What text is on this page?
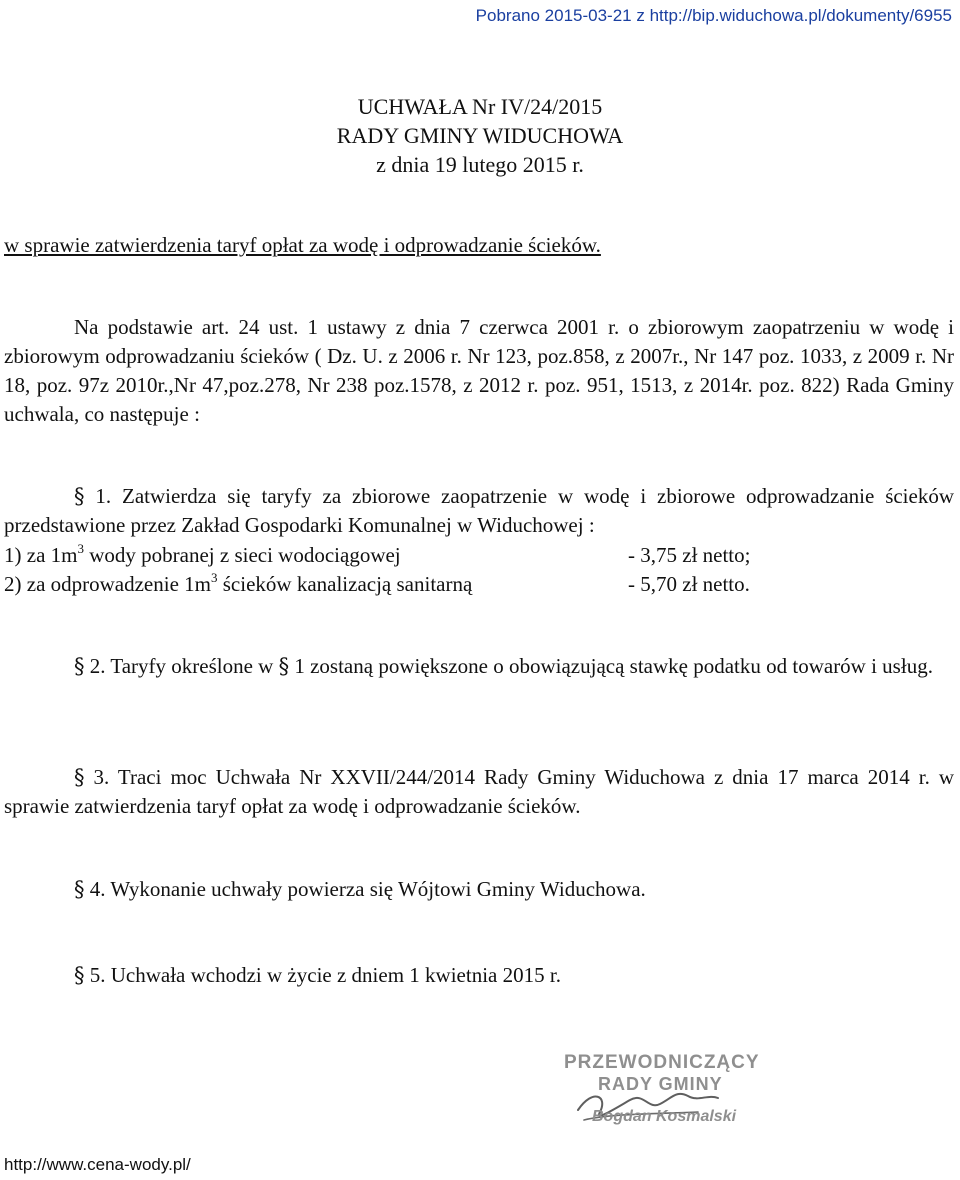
Pobrano 2015-03-21 z http://bip.widuchowa.pl/dokumenty/6955
UCHWAŁA Nr IV/24/2015
RADY GMINY WIDUCHOWA
z dnia 19 lutego 2015 r.
w sprawie zatwierdzenia taryf opłat za wodę i odprowadzanie ścieków.
Na podstawie art. 24 ust. 1 ustawy z dnia 7 czerwca 2001 r. o zbiorowym zaopatrzeniu w wodę i zbiorowym odprowadzaniu ścieków ( Dz. U. z 2006 r. Nr 123, poz.858, z 2007r., Nr 147 poz. 1033, z 2009 r. Nr 18, poz. 97z 2010r.,Nr 47,poz.278, Nr 238 poz.1578, z 2012 r. poz. 951, 1513, z 2014r. poz. 822) Rada Gminy uchwala, co następuje :
§ 1. Zatwierdza się taryfy za zbiorowe zaopatrzenie w wodę i zbiorowe odprowadzanie ścieków przedstawione przez Zakład Gospodarki Komunalnej w Widuchowej :
1) za $1m^3$ wody pobranej z sieci wodociągowej	- 3,75 zł netto;
2) za odprowadzenie $1m^3$ ścieków kanalizacją sanitarną	- 5,70 zł netto.
§ 2. Taryfy określone w § 1 zostaną powiększone o obowiązującą stawkę podatku od towarów i usług.
§ 3. Traci moc Uchwała Nr XXVII/244/2014 Rady Gminy Widuchowa z dnia 17 marca 2014 r. w sprawie zatwierdzenia taryf opłat za wodę i odprowadzanie ścieków.
§ 4. Wykonanie uchwały powierza się Wójtowi Gminy Widuchowa.
§ 5. Uchwała wchodzi w życie z dniem 1 kwietnia 2015 r.
PRZEWODNICZĄCY
RADY GMINY
Bogdan Kosmalski
http://www.cena-wody.pl/
